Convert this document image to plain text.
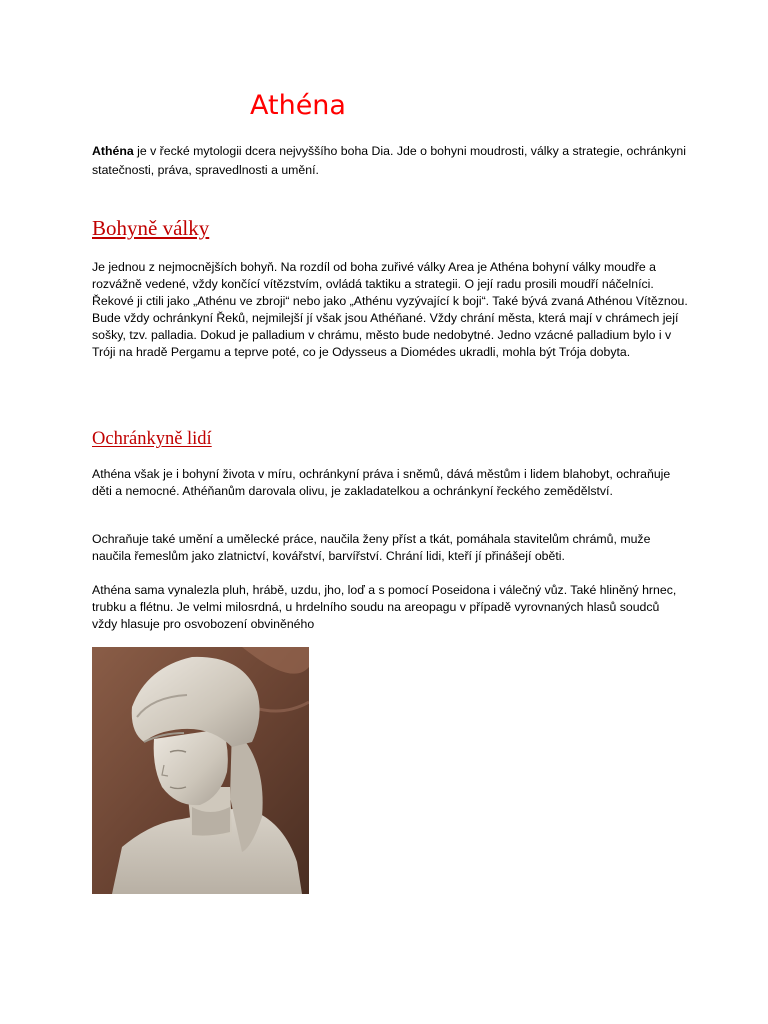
Athéna

Athéna je v řecké mytologii dcera nejvyššího boha Dia. Jde o bohyni moudrosti, války a strategie, ochránkyni statečnosti, práva, spravedlnosti a umění.

Bohyně války

Je jednou z nejmocnějších bohyň. Na rozdíl od boha zuřivé války Area je Athéna bohyní války moudře a rozvážně vedené, vždy končící vítězstvím, ovládá taktiku a strategii. O její radu prosili moudří náčelníci. Řekové ji ctili jako „Athénu ve zbroji“ nebo jako „Athénu vyzývající k boji“. Také bývá zvaná Athénou Vítěznou. Bude vždy ochránkyní Řeků, nejmilejší jí však jsou Athéňané. Vždy chrání města, která mají v chrámech její sošky, tzv. palladia. Dokud je palladium v chrámu, město bude nedobytné. Jedno vzácné palladium bylo i v Tróji na hradě Pergamu a teprve poté, co je Odysseus a Diomédes ukradli, mohla být Trója dobyta.

Ochránkyně lidí

Athéna však je i bohyní života v míru, ochránkyní práva i sněmů, dává městům i lidem blahobyt, ochraňuje děti a nemocné. Athéňanům darovala olivu, je zakladatelkou a ochránkyní řeckého zemědělství.

Ochraňuje také umění a umělecké práce, naučila ženy příst a tkát, pomáhala stavitelům chrámů, muže naučila řemeslům jako zlatnictví, kovářství, barvířství. Chrání lidi, kteří jí přinášejí oběti.

Athéna sama vynalezla pluh, hrábě, uzdu, jho, loď a s pomocí Poseidona i válečný vůz. Také hliněný hrnec, trubku a flétnu. Je velmi milosrdná, u hrdelního soudu na areopagu v případě vyrovnaných hlasů soudců vždy hlasuje pro osvobození obviněného
